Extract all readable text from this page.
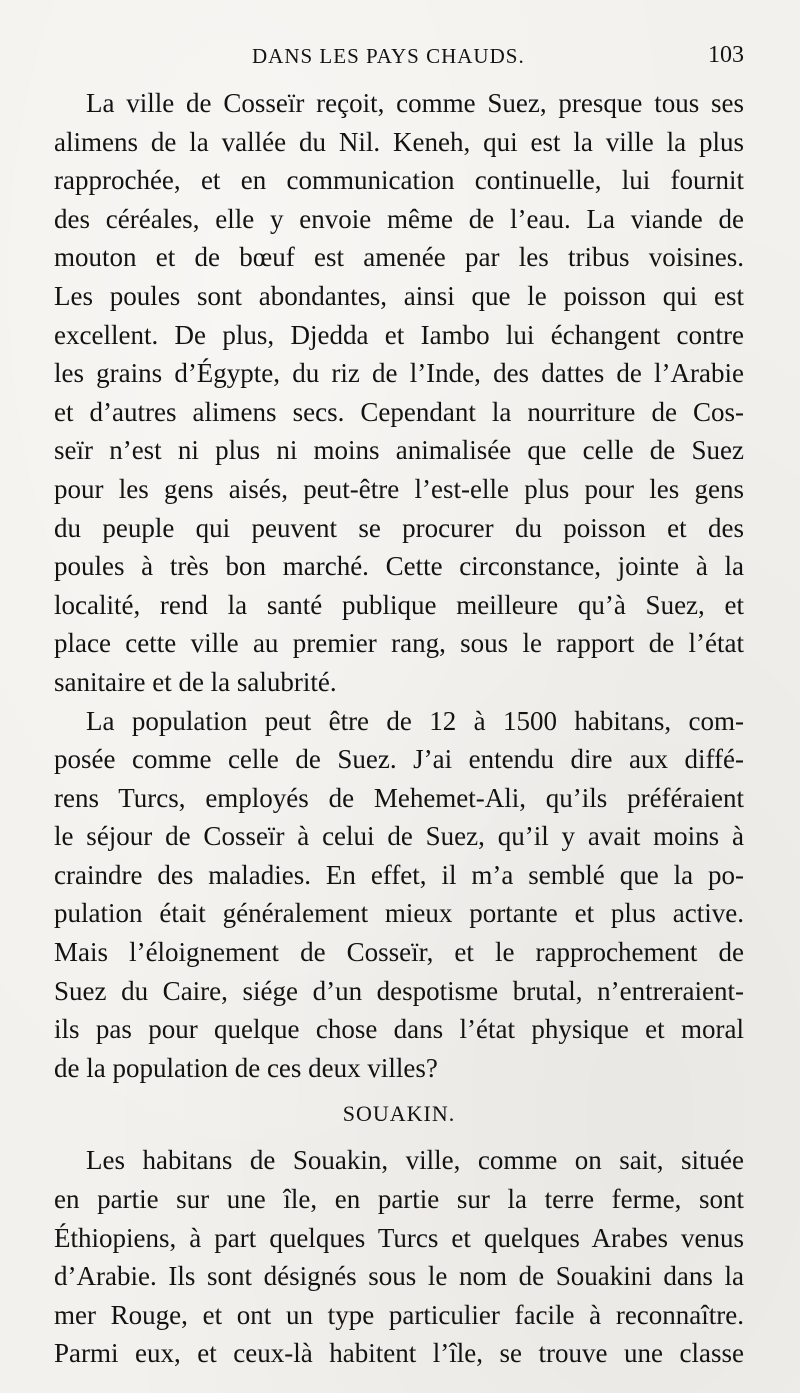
DANS LES PAYS CHAUDS.	103
La ville de Cosseïr reçoit, comme Suez, presque tous ses
alimens de la vallée du Nil. Keneh, qui est la ville la plus
rapprochée, et en communication continuelle, lui fournit
des céréales, elle y envoie même de l’eau. La viande de
mouton et de bœuf est amenée par les tribus voisines.
Les poules sont abondantes, ainsi que le poisson qui est
excellent. De plus, Djedda et Iambo lui échangent contre
les grains d’Égypte, du riz de l’Inde, des dattes de l’Arabie
et d’autres alimens secs. Cependant la nourriture de Cos-
seïr n’est ni plus ni moins animalisée que celle de Suez
pour les gens aisés, peut-être l’est-elle plus pour les gens
du peuple qui peuvent se procurer du poisson et des
poules à très bon marché. Cette circonstance, jointe à la
localité, rend la santé publique meilleure qu’à Suez, et
place cette ville au premier rang, sous le rapport de l’état
sanitaire et de la salubrité.
La population peut être de 12 à 1500 habitans, com-
posée comme celle de Suez. J’ai entendu dire aux diffé-
rens Turcs, employés de Mehemet-Ali, qu’ils préféraient
le séjour de Cosseïr à celui de Suez, qu’il y avait moins à
craindre des maladies. En effet, il m’a semblé que la po-
pulation était généralement mieux portante et plus active.
Mais l’éloignement de Cosseïr, et le rapprochement de
Suez du Caire, siége d’un despotisme brutal, n’entreraient-
ils pas pour quelque chose dans l’état physique et moral
de la population de ces deux villes?
SOUAKIN.
Les habitans de Souakin, ville, comme on sait, située
en partie sur une île, en partie sur la terre ferme, sont
Éthiopiens, à part quelques Turcs et quelques Arabes venus
d’Arabie. Ils sont désignés sous le nom de Souakini dans la
mer Rouge, et ont un type particulier facile à reconnaître.
Parmi eux, et ceux-là habitent l’île, se trouve une classe
